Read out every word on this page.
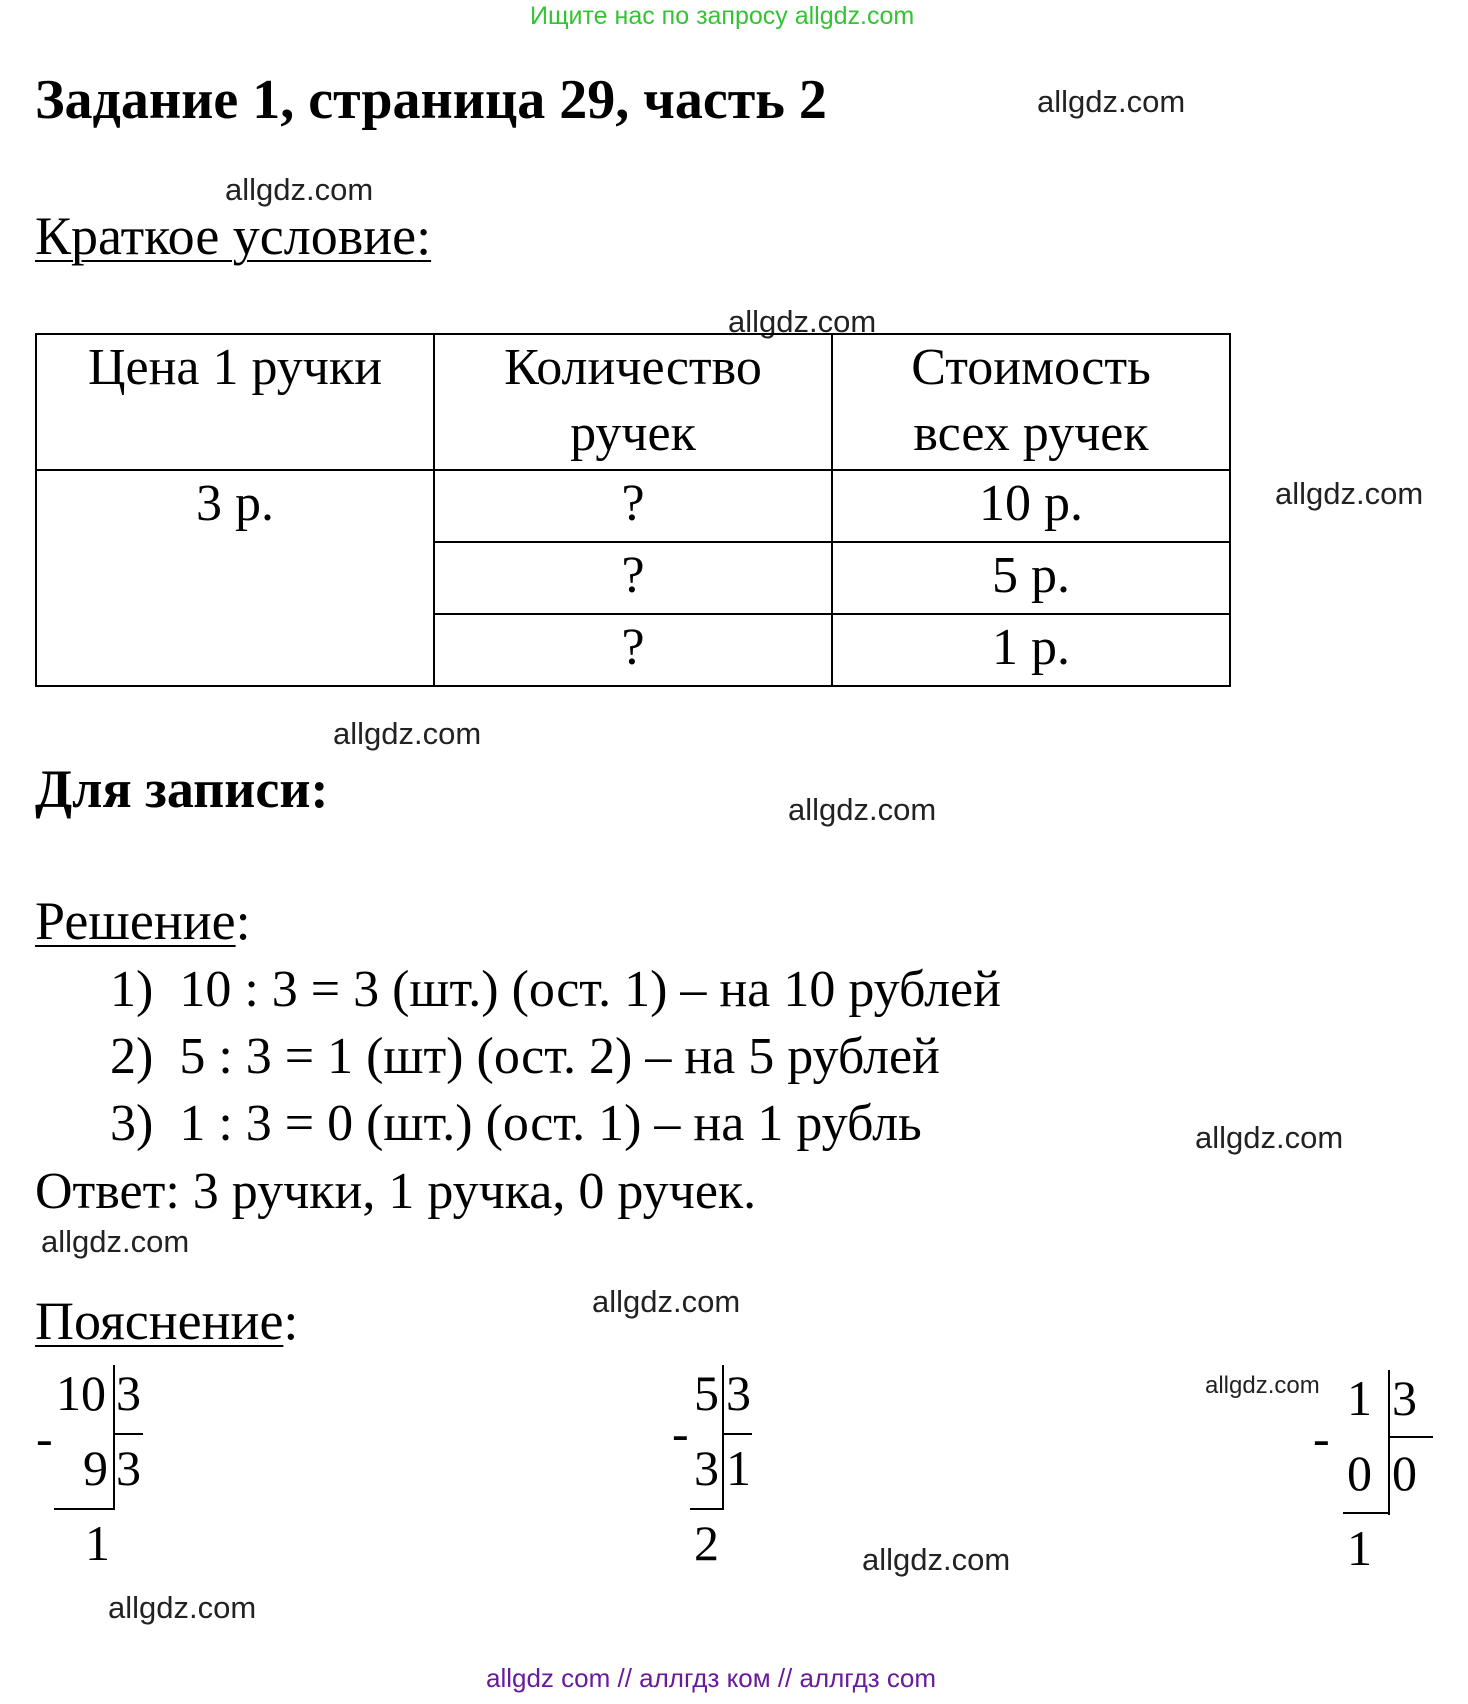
Ищите нас по запросу allgdz.com
Задание 1, страница 29, часть 2	allgdz.com
allgdz.com
allgdz.com
allgdz.com
allgdz.com
allgdz.com
allgdz.com
allgdz.com
allgdz.com
allgdz.com
allgdz.com
allgdz.com
Краткое условие:
Цена 1 ручки	Количество ручек	Стоимость всех ручек

3 р.	?	10 р.
	?	5 р.
	?	1 р.
Для записи:
Решение:
1) 10 : 3 = 3 (шт.) (ост. 1) – на 10 рублей
2) 5 : 3 = 1 (шт) (ост. 2) – на 5 рублей
3) 1 : 3 = 0 (шт.) (ост. 1) – на 1 рубль
Ответ: 3 ручки, 1 ручка, 0 ручек.
Пояснение:
-
10 3
9 3
1
-
5 3
3 1
2
-
1 3
0 0
1
allgdz com // аллгдз ком // аллгдз com
